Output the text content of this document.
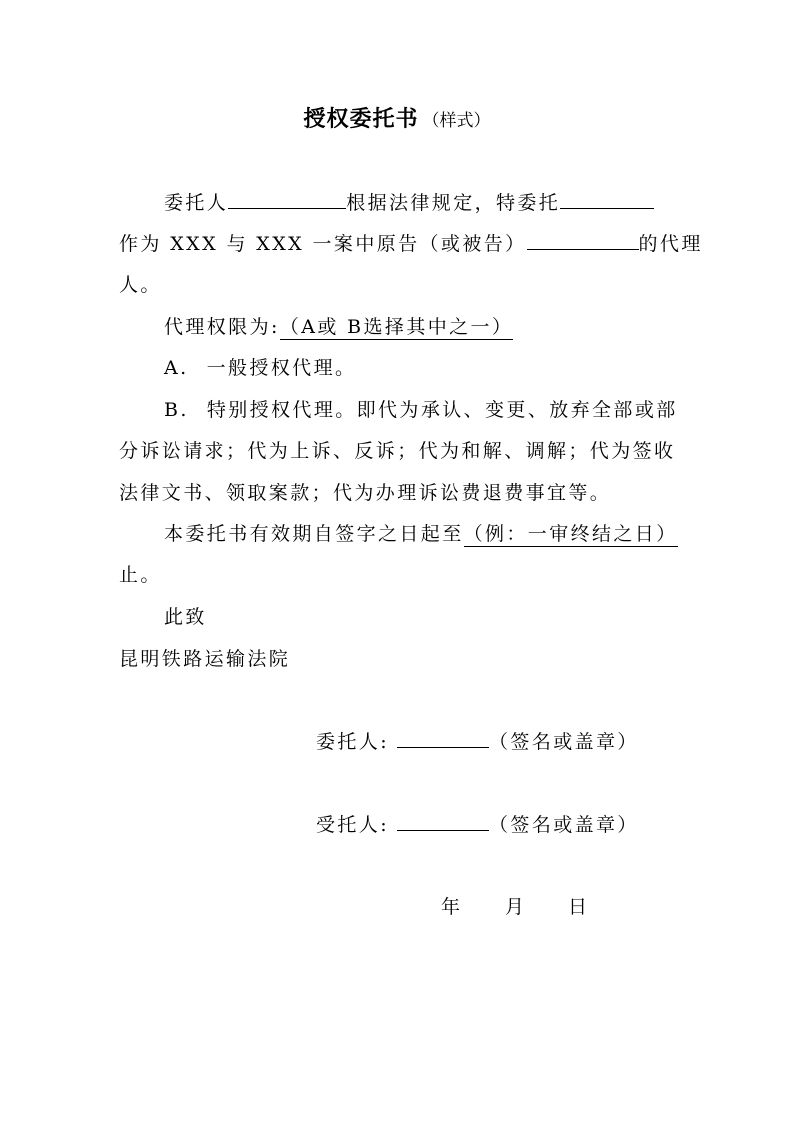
授权委托书 （样式）
委托人	根据法律规定，特委托
作为 XXX 与 XXX 一案中原告（或被告）	的代理
人。
代理权限为:（A或 B选择其中之一）
A. 一般授权代理。
B. 特别授权代理。即代为承认、变更、放弃全部或部
分诉讼请求；代为上诉、反诉；代为和解、调解；代为签收
法律文书、领取案款；代为办理诉讼费退费事宜等。
本委托书有效期自签字之日起至（例：一审终结之日）
止。
此致
昆明铁路运输法院
委托人:	（签名或盖章）
受托人:	（签名或盖章）
年 月 日
